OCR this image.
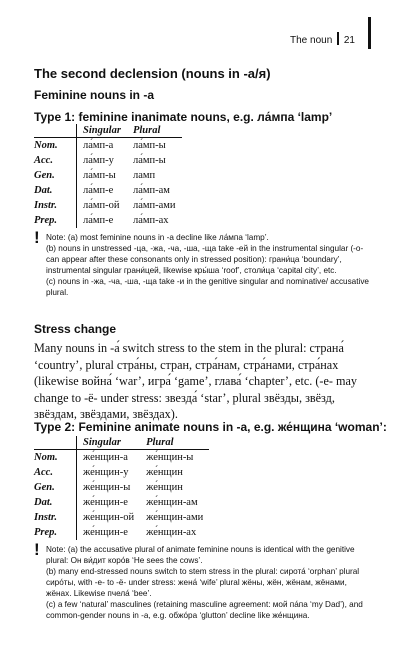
The noun 21
The second declension (nouns in -а/я)
Feminine nouns in -а
Type 1: feminine inanimate nouns, e.g. ла́мпа ‘lamp’
	Singular	Plural
Nom.	ла́мп-а	ла́мп-ы
Acc.	ла́мп-у	ла́мп-ы
Gen.	ла́мп-ы	ламп
Dat.	ла́мп-е	ла́мп-ам
Instr.	ла́мп-ой	ла́мп-ами
Prep.	ла́мп-е	ла́мп-ах
! Note: (a) most feminine nouns in -а decline like ла́мпа ‘lamp’.

(b) nouns in unstressed -ца, -жа, -ча, -ша, -ща take -ей in the instrumental singular (-о- can appear after these consonants only in stressed position): грани́ца ‘boundary’, instrumental singular грани́цей, likewise кры́ша ‘roof’, столи́ца ‘capital city’, etc.

(c) nouns in -жа, -ча, -ша, -ща take -и in the genitive singular and nominative/ accusative plural.

Stress change

Many nouns in -а́ switch stress to the stem in the plural: страна́ ‘country’, plural стра́ны, стран, стра́нам, стра́нами, стра́нах (likewise война́ ‘war’, игра́ ‘game’, глава́ ‘chapter’, etc. (-е- may change to -ё- under stress: звезда́ ‘star’, plural звёзды, звёзд, звёздам, звёздами, звёздах).

Type 2: Feminine animate nouns in -а, e.g. же́нщина ‘woman’:
	Singular	Plural
Nom.	же́нщин-а	же́нщин-ы
Acc.	же́нщин-у	же́нщин
Gen.	же́нщин-ы	же́нщин
Dat.	же́нщин-е	же́нщин-ам
Instr.	же́нщин-ой	же́нщин-ами
Prep.	же́нщин-е	же́нщин-ах
! Note: (a) the accusative plural of animate feminine nouns is identical with the genitive plural: Он ви́дит коро́в ‘He sees the cows’.

(b) many end-stressed nouns switch to stem stress in the plural: сирота́ ‘orphan’ plural сиро́ты, with -е- to -ё- under stress: жена́ ‘wife’ plural жёны, жён, жёнам, жёнами, жёнах. Likewise пчела́ ‘bee’.

(c) a few ‘natural’ masculines (retaining masculine agreement: мой па́па ‘my Dad’), and common-gender nouns in -а, e.g. обжо́ра ‘glutton’ decline like же́нщина.
